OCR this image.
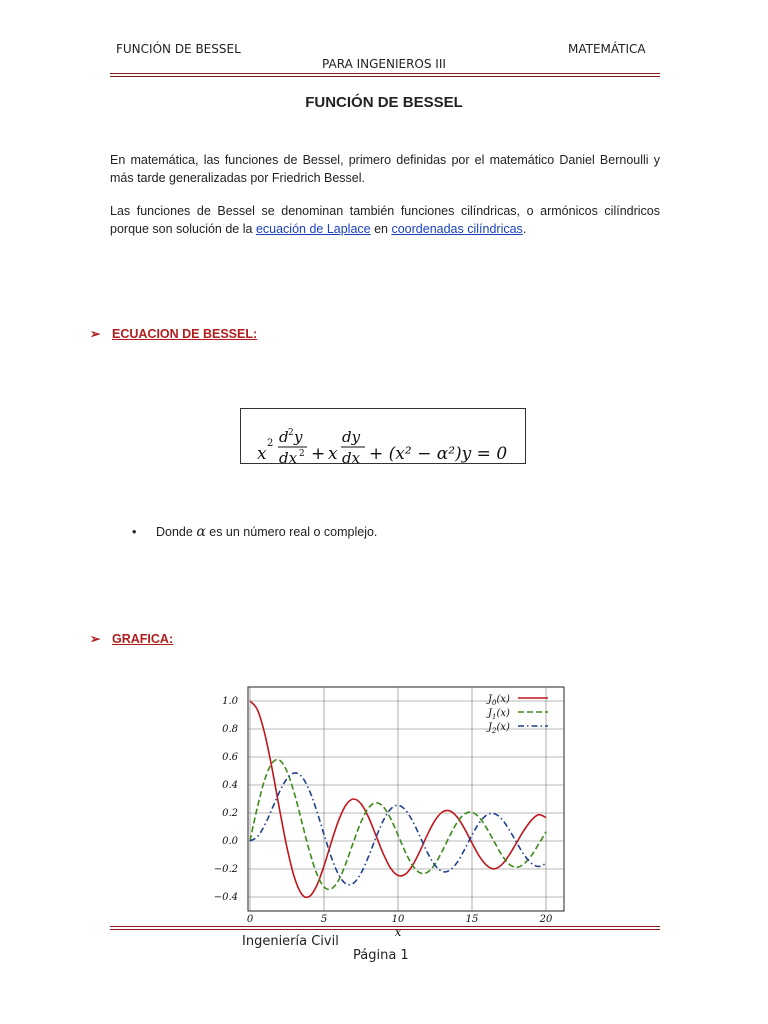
FUNCIÓN DE BESSEL	MATEMÁTICA
PARA INGENIEROS III
FUNCIÓN DE BESSEL
En matemática, las funciones de Bessel, primero definidas por el matemático Daniel Bernoulli y más tarde generalizadas por Friedrich Bessel.
Las funciones de Bessel se denominan también funciones cilíndricas, o armónicos cilíndricos porque son solución de la ecuación de Laplace en coordenadas cilíndricas.
➢ ECUACION DE BESSEL:
x
2 d 2 y
dx 2 + x
dy
dx + (x² − α²)y = 0
• Donde α es un número real o complejo.
➢ GRAFICA:
0	5	10	15	20
1.0
0.8
0.6
0.4
0.2
0.0
−0.2
−0.4
$J_0(x)$
$J_1(x)$
$J_2(x)$
x
Ingeniería Civil
Página 1
